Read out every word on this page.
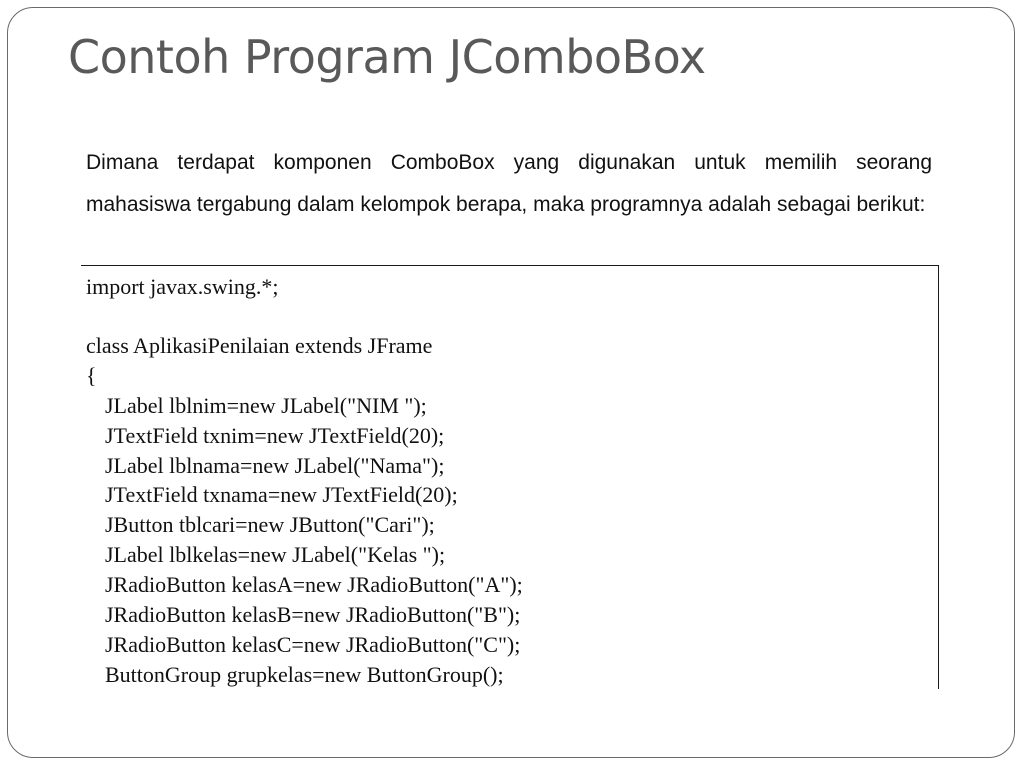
Contoh Program JComboBox

Dimana terdapat komponen ComboBox yang digunakan untuk memilih seorang mahasiswa tergabung dalam kelompok berapa, maka programnya adalah sebagai berikut:

import javax.swing.*;
class AplikasiPenilaian extends JFrame
{
JLabel lblnim=new JLabel("NIM ");
JTextField txnim=new JTextField(20);
JLabel lblnama=new JLabel("Nama");
JTextField txnama=new JTextField(20);
JButton tblcari=new JButton("Cari");
JLabel lblkelas=new JLabel("Kelas ");
JRadioButton kelasA=new JRadioButton("A");
JRadioButton kelasB=new JRadioButton("B");
JRadioButton kelasC=new JRadioButton("C");
ButtonGroup grupkelas=new ButtonGroup();
